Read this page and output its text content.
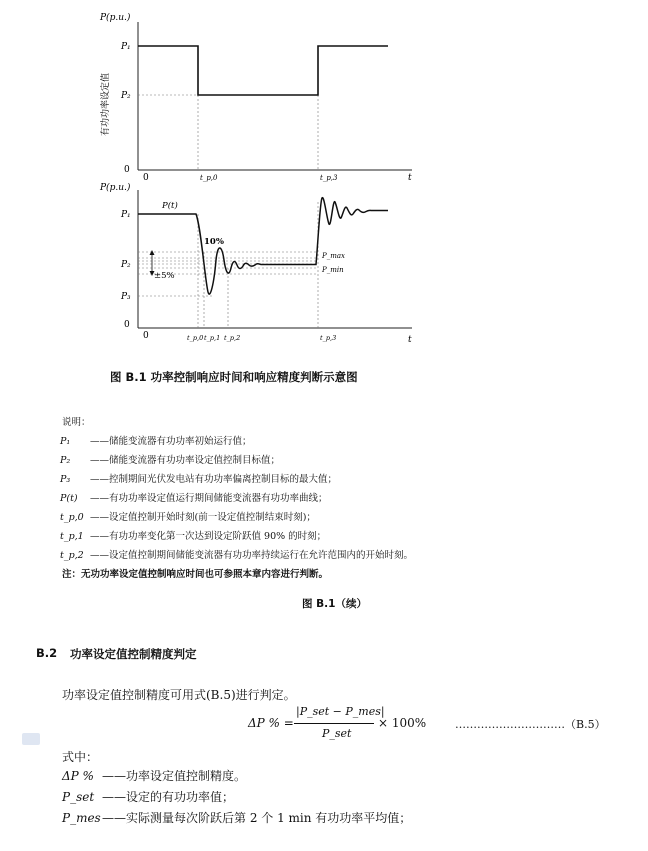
P(p.u.)
P₁
P₂
0
0	t
t_p,0	t_p,3
有功功率设定值
P(p.u.)
P₁
P₂
P₃
0
0	t
P(t)
10%
±5%
P_max
P_min
t_p,0 t_p,1 t_p,2	t_p,3
图 B.1 功率控制响应时间和响应精度判断示意图
说明：
P₁ ——储能变流器有功功率初始运行值；
P₂ ——储能变流器有功功率设定值控制目标值；
P₃ ——控制期间光伏发电站有功功率偏离控制目标的最大值；
P(t) ——有功功率设定值运行期间储能变流器有功功率曲线；
t_p,0 ——设定值控制开始时刻(前一设定值控制结束时刻)；
t_p,1 ——有功功率变化第一次达到设定阶跃值 90% 的时刻；
t_p,2 ——设定值控制期间储能变流器有功功率持续运行在允许范围内的开始时刻。
注：无功功率设定值控制响应时间也可参照本章内容进行判断。
图 B.1（续）
B.2 功率设定值控制精度判定
功率设定值控制精度可用式(B.5)进行判定。
ΔP % =
|P_set − P_mes|
P_set
× 100%	…………………………（B.5）
式中：
ΔP % ——功率设定值控制精度。
P_set ——设定的有功功率值；
P_mes——实际测量每次阶跃后第 2 个 1 min 有功功率平均值；
